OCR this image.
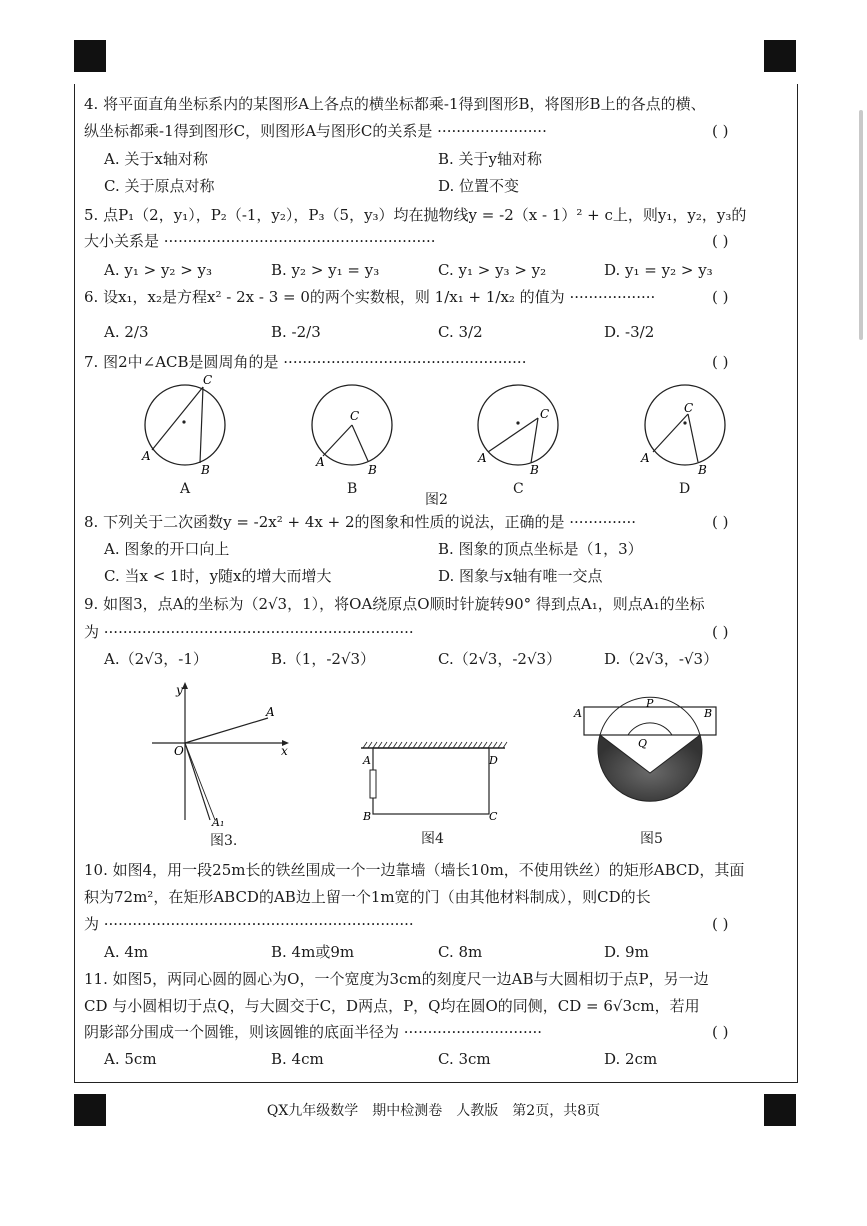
4. 将平面直角坐标系内的某图形A上各点的横坐标都乘-1得到图形B，将图形B上的各点的横、
纵坐标都乘-1得到图形C，则图形A与图形C的关系是 ·······················	( )
A. 关于x轴对称	B. 关于y轴对称
C. 关于原点对称	D. 位置不变
5. 点P₁（2，y₁），P₂（-1，y₂），P₃（5，y₃）均在抛物线y = -2（x - 1）² + c上，则y₁，y₂，y₃的
大小关系是 ·························································	( )
A. y₁ > y₂ > y₃	B. y₂ > y₁ = y₃	C. y₁ > y₃ > y₂	D. y₁ = y₂ > y₃
6. 设x₁，x₂是方程x² - 2x - 3 = 0的两个实数根，则 1/x₁ + 1/x₂ 的值为 ··················	( )
A. 2/3	B. -2/3	C. 3/2	D. -3/2
7. 图2中∠ACB是圆周角的是 ···················································	( )
C
A
B
C
A
B
C
A
B
C
A
B
A	B	C	D
图2
8. 下列关于二次函数y = -2x² + 4x + 2的图象和性质的说法，正确的是 ··············	( )
A. 图象的开口向上	B. 图象的顶点坐标是（1，3）
C. 当x < 1时，y随x的增大而增大	D. 图象与x轴有唯一交点
9. 如图3，点A的坐标为（2√3，1），将OA绕原点O顺时针旋转90° 得到点A₁，则点A₁的坐标
为 ·································································	( )
A.（2√3，-1）	B.（1，-2√3）	C.（2√3，-2√3）	D.（2√3，-√3）
y
x
O
A
A₁
图3.
A	D
B	C
图4
A	B
P
Q
图5
10. 如图4，用一段25m长的铁丝围成一个一边靠墙（墙长10m，不使用铁丝）的矩形ABCD，其面
积为72m²，在矩形ABCD的AB边上留一个1m宽的门（由其他材料制成），则CD的长
为 ·································································	( )
A. 4m	B. 4m或9m	C. 8m	D. 9m
11. 如图5，两同心圆的圆心为O，一个宽度为3cm的刻度尺一边AB与大圆相切于点P，另一边
CD 与小圆相切于点Q，与大圆交于C，D两点，P，Q均在圆O的同侧，CD = 6√3cm，若用
阴影部分围成一个圆锥，则该圆锥的底面半径为 ·····························	( )
A. 5cm	B. 4cm	C. 3cm	D. 2cm
QX九年级数学　期中检测卷　人教版　第2页，共8页
